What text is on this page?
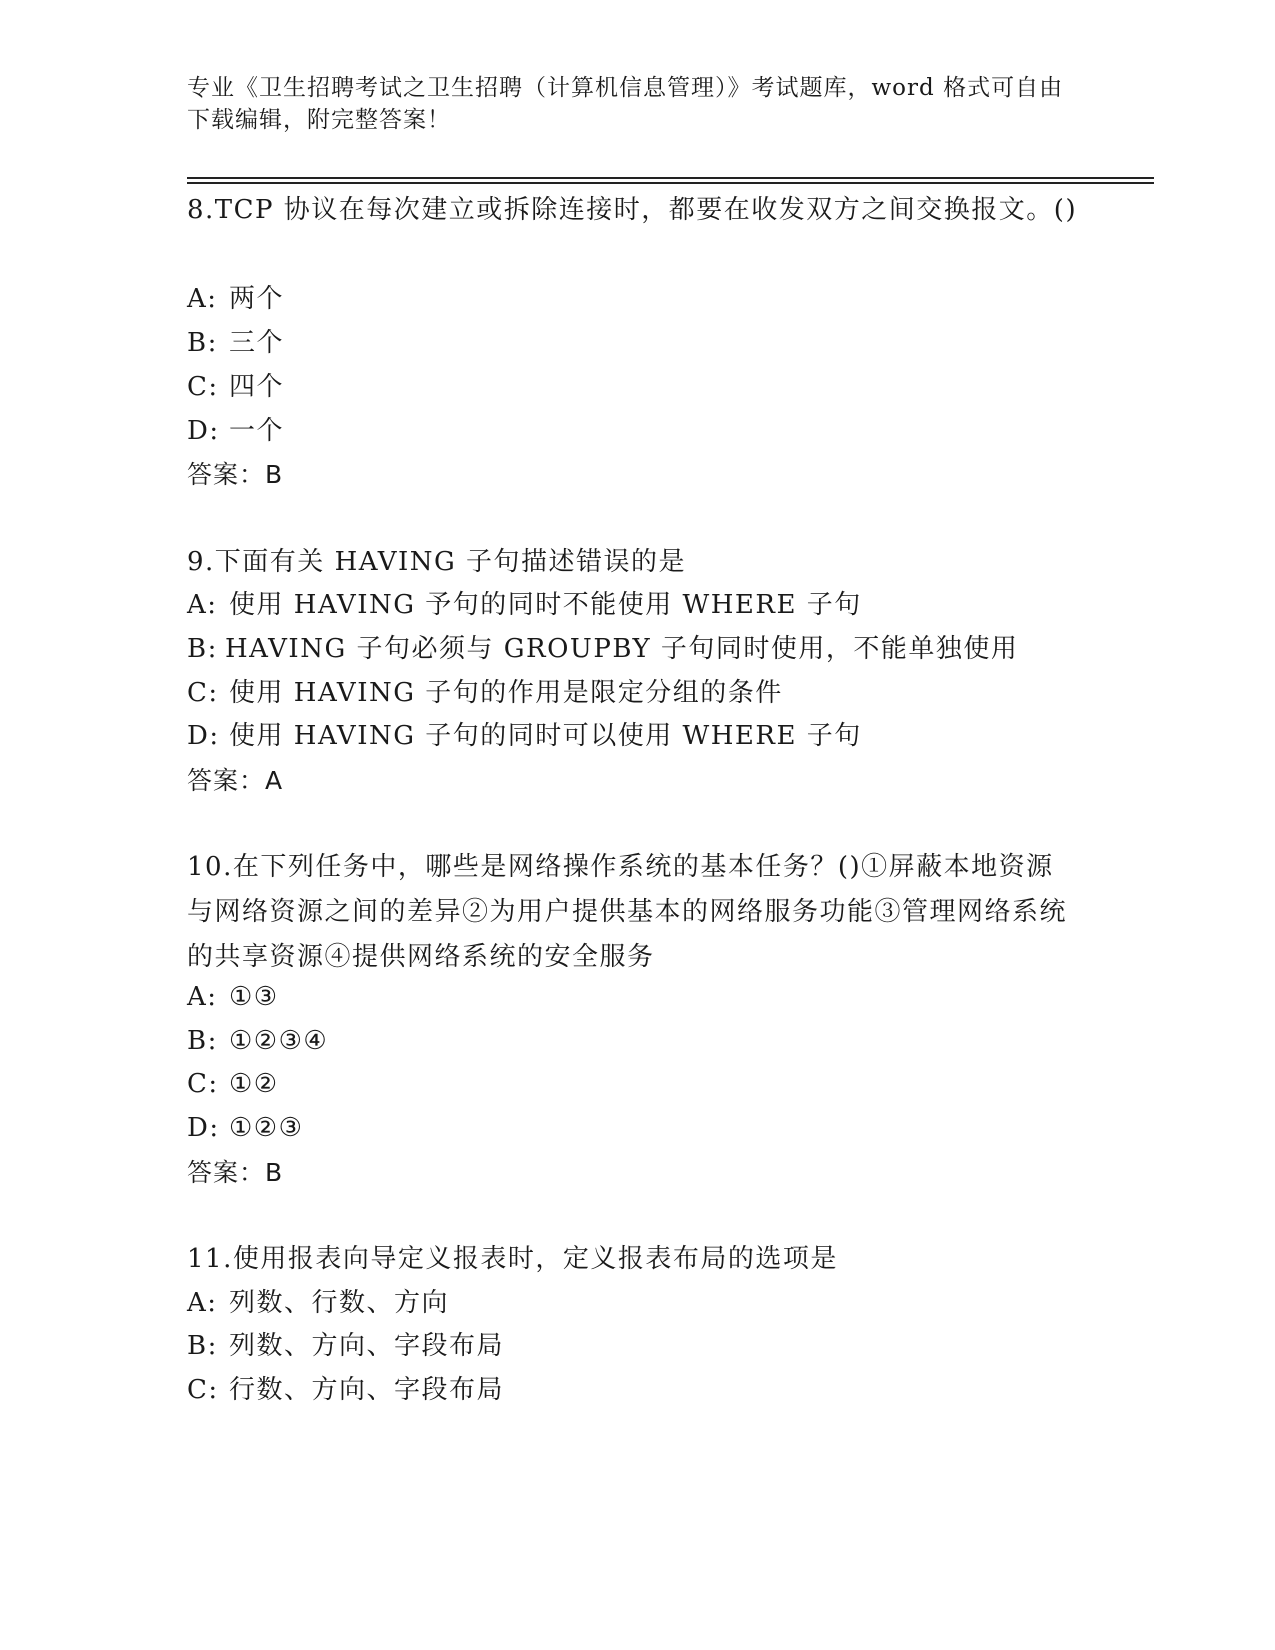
专业《卫生招聘考试之卫生招聘（计算机信息管理）》考试题库，word 格式可自由下载编辑，附完整答案！
8.TCP 协议在每次建立或拆除连接时，都要在收发双方之间交换报文。()
A: 两个
B: 三个
C: 四个
D: 一个
答案：B
9.下面有关 HAVING 子句描述错误的是
A: 使用 HAVING 予句的同时不能使用 WHERE 子句
B: HAVING 子句必须与 GROUPBY 子句同时使用，不能单独使用
C: 使用 HAVING 子句的作用是限定分组的条件
D: 使用 HAVING 子句的同时可以使用 WHERE 子句
答案：A
10.在下列任务中，哪些是网络操作系统的基本任务？()①屏蔽本地资源与网络资源之间的差异②为用户提供基本的网络服务功能③管理网络系统的共享资源④提供网络系统的安全服务
A: ①③
B: ①②③④
C: ①②
D: ①②③
答案：B
11.使用报表向导定义报表时，定义报表布局的选项是
A: 列数、行数、方向
B: 列数、方向、字段布局
C: 行数、方向、字段布局
